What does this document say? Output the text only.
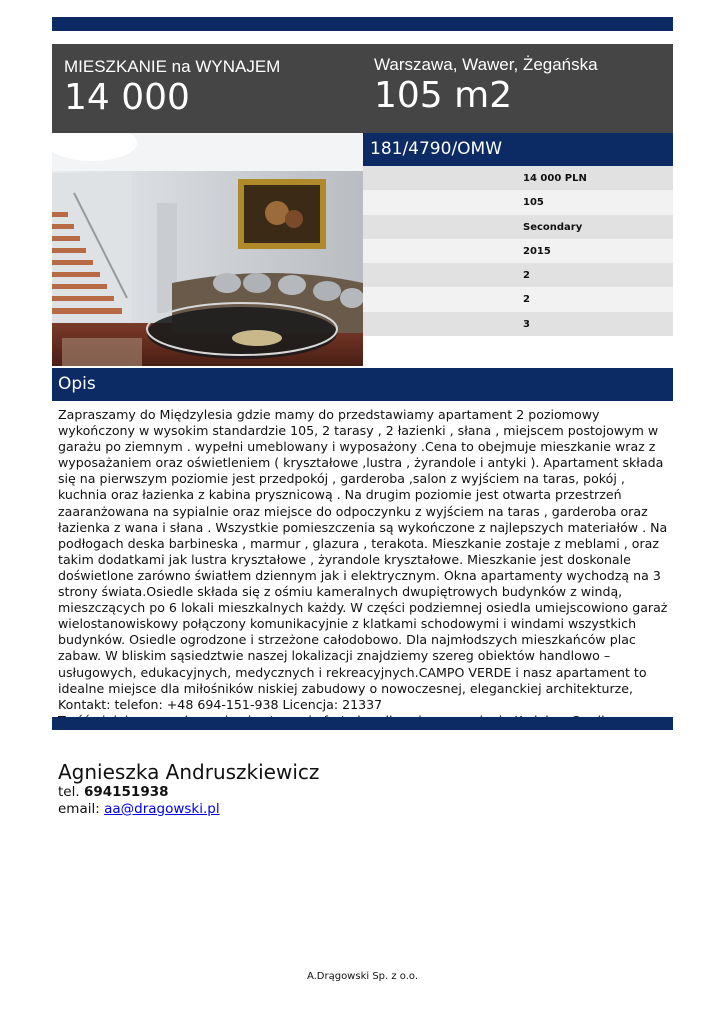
MIESZKANIE na WYNAJEM
14 000
Warszawa, Wawer, Żegańska
105 m2
181/4790/OMW
14 000 PLN
105
Secondary
2015
2
2
3
Opis

Zapraszamy do Międzylesia gdzie mamy do przedstawiamy apartament 2 poziomowy wykończony w wysokim standardzie 105, 2 tarasy , 2 łazienki , słana , miejscem postojowym w garażu po ziemnym . wypełni umeblowany i wyposażony .Cena to obejmuje mieszkanie wraz z wyposażaniem oraz oświetleniem ( kryształowe ,lustra , żyrandole i antyki ). Apartament składa się na pierwszym poziomie jest przedpokój , garderoba ,salon z wyjściem na taras, pokój , kuchnia oraz łazienka z kabina prysznicową . Na drugim poziomie jest otwarta przestrzeń zaaranżowana na sypialnie oraz miejsce do odpoczynku z wyjściem na taras , garderoba oraz łazienka z wana i słana . Wszystkie pomieszczenia są wykończone z najlepszych materiałów . Na podłogach deska barbineska , marmur , glazura , terakota. Mieszkanie zostaje z meblami , oraz takim dodatkami jak lustra kryształowe , żyrandole kryształowe. Mieszkanie jest doskonale doświetlone zarówno światłem dziennym jak i elektrycznym. Okna apartamenty wychodzą na 3 strony świata.Osiedle składa się z ośmiu kameralnych dwupiętrowych budynków z windą, mieszczących po 6 lokali mieszkalnych każdy. W części podziemnej osiedla umiejscowiono garaż wielostanowiskowy połączony komunikacyjnie z klatkami schodowymi i windami wszystkich budynków. Osiedle ogrodzone i strzeżone całodobowo. Dla najmłodszych mieszkańców plac zabaw. W bliskim sąsiedztwie naszej lokalizacji znajdziemy szereg obiektów handlowo – usługowych, edukacyjnych, medycznych i rekreacyjnych.CAMPO VERDE i nasz apartament to idealne miejsce dla miłośników niskiej zabudowy o nowoczesnej, eleganckiej architekturze, Kontakt: telefon: +48 694-151-938 Licencja: 21337

Agnieszka Andruszkiewicz
tel. 694151938
email: aa@dragowski.pl
A.Drągowski Sp. z o.o.
